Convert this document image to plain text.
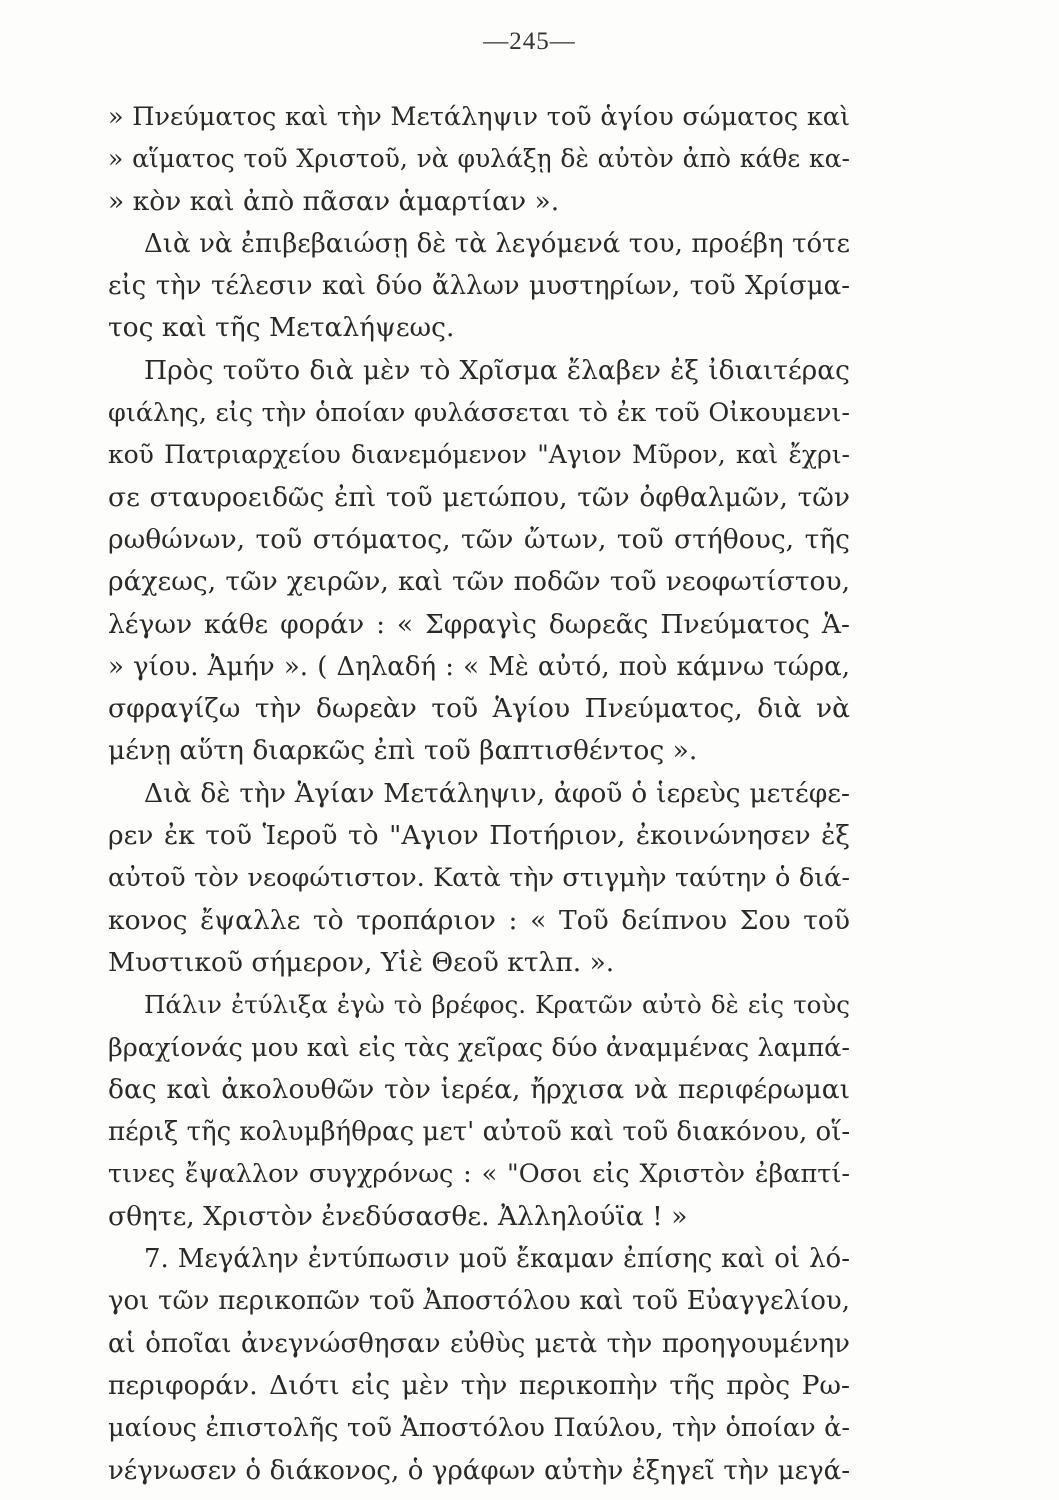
—245—
» Πνεύματος καὶ τὴν Μετάληψιν τοῦ ἁγίου σώματος καὶ
» αἵματος τοῦ Χριστοῦ, νὰ φυλάξῃ δὲ αὐτὸν ἀπὸ κάθε κα-
» κὸν καὶ ἀπὸ πᾶσαν ἁμαρτίαν ».
Διὰ νὰ ἐπιβεβαιώσῃ δὲ τὰ λεγόμενά του, προέβη τότε
εἰς τὴν τέλεσιν καὶ δύο ἄλλων μυστηρίων, τοῦ Χρίσμα-
τος καὶ τῆς Μεταλήψεως.
Πρὸς τοῦτο διὰ μὲν τὸ Χρῖσμα ἔλαβεν ἐξ ἰδιαιτέρας
φιάλης, εἰς τὴν ὁποίαν φυλάσσεται τὸ ἐκ τοῦ Οἰκουμενι-
κοῦ Πατριαρχείου διανεμόμενον "Αγιον Μῦρον, καὶ ἔχρι-
σε σταυροειδῶς ἐπὶ τοῦ μετώπου, τῶν ὀφθαλμῶν, τῶν
ρωθώνων, τοῦ στόματος, τῶν ὤτων, τοῦ στήθους, τῆς
ράχεως, τῶν χειρῶν, καὶ τῶν ποδῶν τοῦ νεοφωτίστου,
λέγων κάθε φοράν : « Σφραγὶς δωρεᾶς Πνεύματος Ἁ-
» γίου. Ἀμήν ». ( Δηλαδή : « Μὲ αὐτό, ποὺ κάμνω τώρα,
σφραγίζω τὴν δωρεὰν τοῦ Ἁγίου Πνεύματος, διὰ νὰ
μένῃ αὕτη διαρκῶς ἐπὶ τοῦ βαπτισθέντος ».
Διὰ δὲ τὴν Ἁγίαν Μετάληψιν, ἀφοῦ ὁ ἱερεὺς μετέφε-
ρεν ἐκ τοῦ Ἱεροῦ τὸ "Αγιον Ποτήριον, ἐκοινώνησεν ἐξ
αὐτοῦ τὸν νεοφώτιστον. Κατὰ τὴν στιγμὴν ταύτην ὁ διά-
κονος ἔψαλλε τὸ τροπάριον : « Τοῦ δείπνου Σου τοῦ
Μυστικοῦ σήμερον, Υἱὲ Θεοῦ κτλπ. ».
Πάλιν ἐτύλιξα ἐγὼ τὸ βρέφος. Κρατῶν αὐτὸ δὲ εἰς τοὺς
βραχίονάς μου καὶ εἰς τὰς χεῖρας δύο ἀναμμένας λαμπά-
δας καὶ ἀκολουθῶν τὸν ἱερέα, ἤρχισα νὰ περιφέρωμαι
πέριξ τῆς κολυμβήθρας μετ' αὐτοῦ καὶ τοῦ διακόνου, οἵ-
τινες ἔψαλλον συγχρόνως : « "Οσοι εἰς Χριστὸν ἐβαπτί-
σθητε, Χριστὸν ἐνεδύσασθε. Ἀλληλούϊα ! »
7. Μεγάλην ἐντύπωσιν μοῦ ἔκαμαν ἐπίσης καὶ οἱ λό-
γοι τῶν περικοπῶν τοῦ Ἀποστόλου καὶ τοῦ Εὐαγγελίου,
αἱ ὁποῖαι ἀνεγνώσθησαν εὐθὺς μετὰ τὴν προηγουμένην
περιφοράν. Διότι εἰς μὲν τὴν περικοπὴν τῆς πρὸς Ρω-
μαίους ἐπιστολῆς τοῦ Ἀποστόλου Παύλου, τὴν ὁποίαν ἀ-
νέγνωσεν ὁ διάκονος, ὁ γράφων αὐτὴν ἐξηγεῖ τὴν μεγά-
